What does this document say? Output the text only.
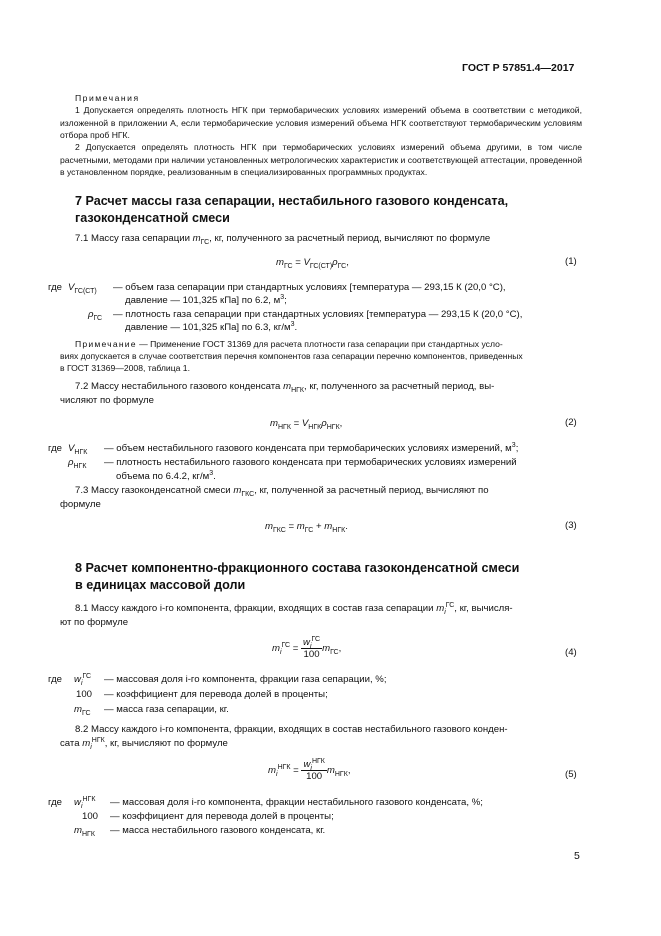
ГОСТ Р 57851.4—2017
Примечания
1 Допускается определять плотность НГК при термобарических условиях измерений объема в соответствии с методикой, изложенной в приложении А, если термобарические условия измерений объема НГК соответствуют термобарическим условиям отбора проб НГК.
2 Допускается определять плотность НГК при термобарических условиях измерений объема другими, в том числе расчетными, методами при наличии установленных метрологических характеристик и соответствующей аттестации, проведенной в установленном порядке, реализованным в специализированных программных продуктах.
7 Расчет массы газа сепарации, нестабильного газового конденсата,
газоконденсатной смеси
7.1 Массу газа сепарации $m_{ГС}$, кг, полученного за расчетный период, вычисляют по формуле
$m_{ГС} = V_{ГС(СТ)}\rho_{ГС}$,	(1)
где $V_{ГС(СТ)}$ — объем газа сепарации при стандартных условиях [температура — 293,15 К (20,0 °С),
давление — 101,325 кПа] по 6.2, $м^3$;
$\rho_{ГС}$ — плотность газа сепарации при стандартных условиях [температура — 293,15 К (20,0 °С),
давление — 101,325 кПа] по 6.3, $кг/м^3$.
Примечание — Применение ГОСТ 31369 для расчета плотности газа сепарации при стандартных усло-
виях допускается в случае соответствия перечня компонентов газа сепарации перечню компонентов, приведенных
в ГОСТ 31369—2008, таблица 1.
7.2 Массу нестабильного газового конденсата $m_{НГК}$, кг, полученного за расчетный период, вы-
числяют по формуле
$m_{НГК} = V_{НГК}\rho_{НГК}$,	(2)
где $V_{НГК}$ — объем нестабильного газового конденсата при термобарических условиях измерений, $м^3$;
$\rho_{НГК}$ — плотность нестабильного газового конденсата при термобарических условиях измерений
объема по 6.4.2, $кг/м^3$.
7.3 Массу газоконденсатной смеси $m_{ГКС}$, кг, полученной за расчетный период, вычисляют по
формуле
$m_{ГКС} = m_{ГС} + m_{НГК}$.	(3)
8 Расчет компонентно-фракционного состава газоконденсатной смеси
в единицах массовой доли
8.1 Массу каждого i-го компонента, фракции, входящих в состав газа сепарации $m_i^{ГС}$, кг, вычисля-
ют по формуле
$m_i^{ГС}$ =
$w_i^{ГС}$
100
$m_{ГС}$,	(4)
где $w_i^{ГС}$ — массовая доля i-го компонента, фракции газа сепарации, %;
100 — коэффициент для перевода долей в проценты;
$m_{ГС}$ — масса газа сепарации, кг.
8.2 Массу каждого i-го компонента, фракции, входящих в состав нестабильного газового конден-
сата $m_i^{НГК}$, кг, вычисляют по формуле
$m_i^{НГК}$ =
$w_i^{НГК}$
100
$m_{НГК}$,	(5)
где $w_i^{НГК}$ — массовая доля i-го компонента, фракции нестабильного газового конденсата, %;
100 — коэффициент для перевода долей в проценты;
$m_{НГК}$ — масса нестабильного газового конденсата, кг.
5
